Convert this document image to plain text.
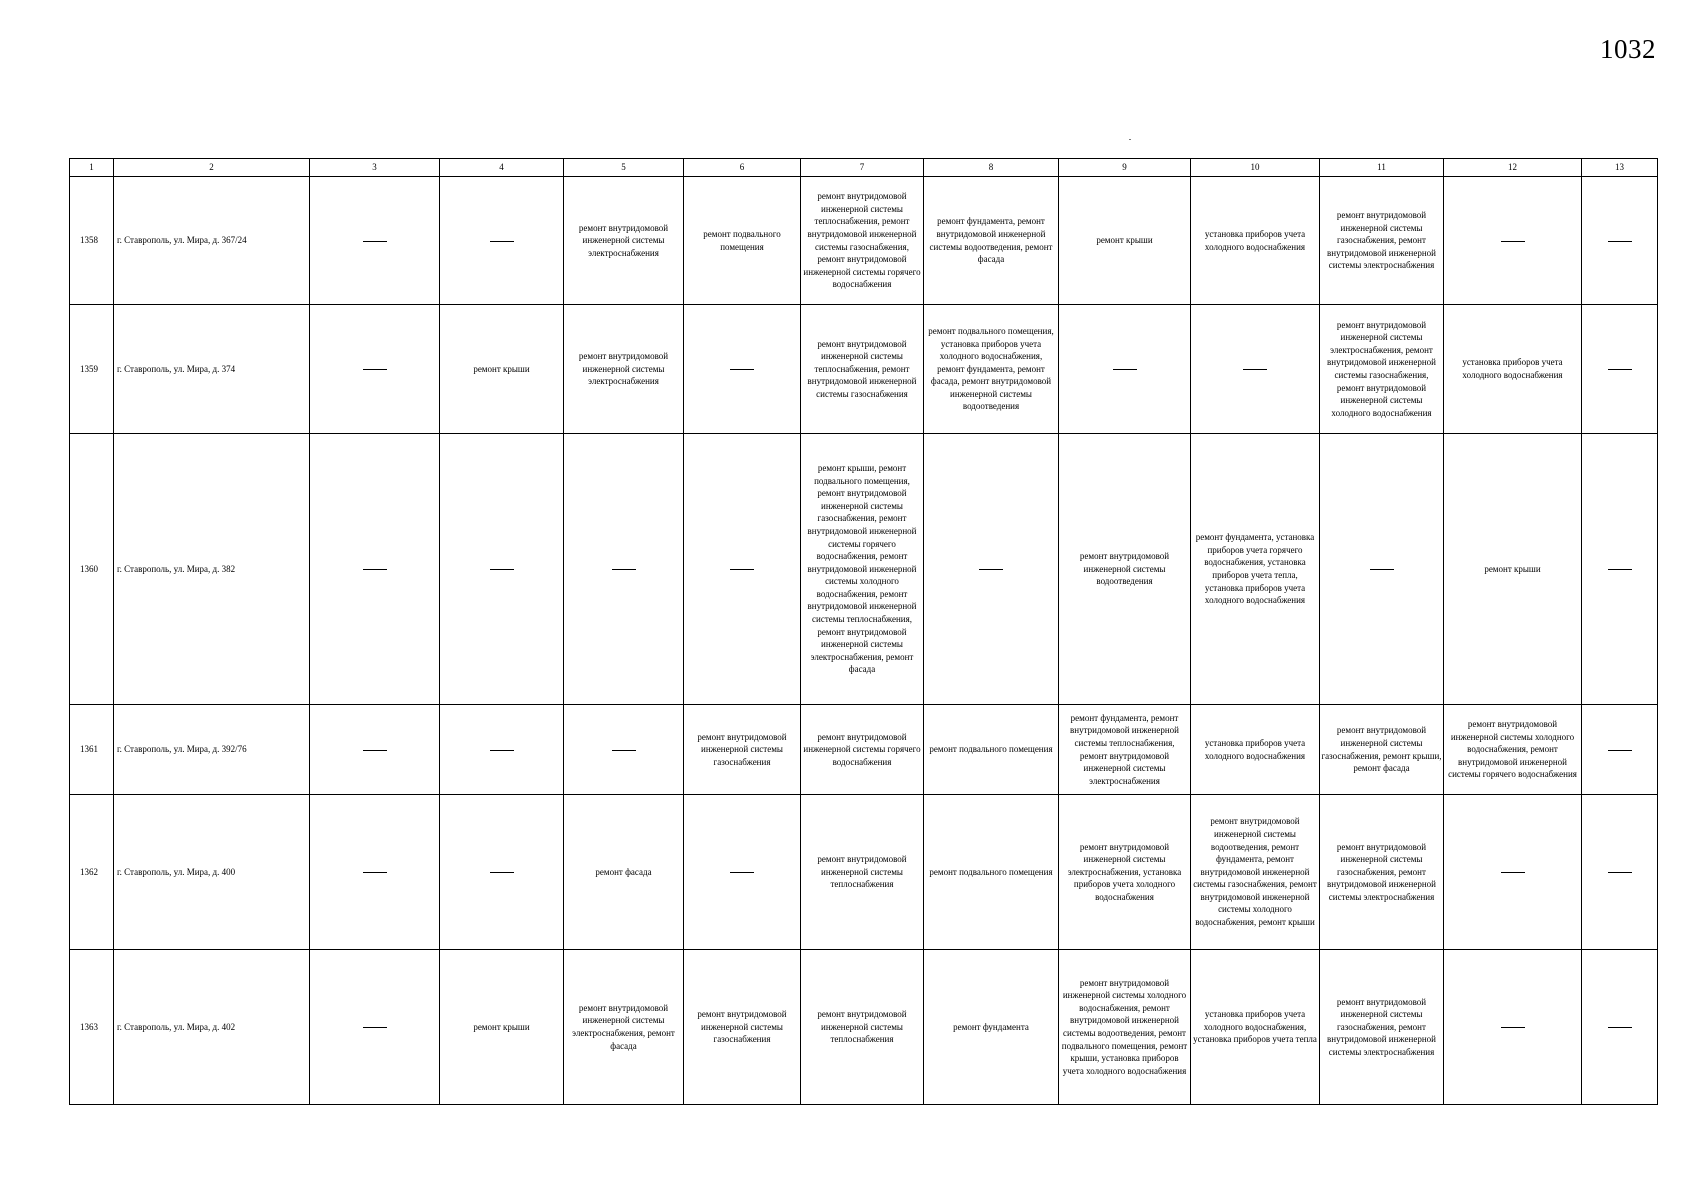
1032
1	2	3	4	5	6	7	8	9	10	11	12	13
1358	г. Ставрополь, ул. Мира, д. 367/24			ремонт внутридомовой инженерной системы электроснабжения	ремонт подвального помещения	ремонт внутридомовой инженерной системы теплоснабжения, ремонт внутридомовой инженерной системы газоснабжения, ремонт внутридомовой инженерной системы горячего водоснабжения	ремонт фундамента, ремонт внутридомовой инженерной системы водоотведения, ремонт фасада	ремонт крыши	установка приборов учета холодного водоснабжения	ремонт внутридомовой инженерной системы газоснабжения, ремонт внутридомовой инженерной системы электроснабжения		
1359	г. Ставрополь, ул. Мира, д. 374		ремонт крыши	ремонт внутридомовой инженерной системы электроснабжения		ремонт внутридомовой инженерной системы теплоснабжения, ремонт внутридомовой инженерной системы газоснабжения	ремонт подвального помещения, установка приборов учета холодного водоснабжения, ремонт фундамента, ремонт фасада, ремонт внутридомовой инженерной системы водоотведения			ремонт внутридомовой инженерной системы электроснабжения, ремонт внутридомовой инженерной системы газоснабжения, ремонт внутридомовой инженерной системы холодного водоснабжения	установка приборов учета холодного водоснабжения	
1360	г. Ставрополь, ул. Мира, д. 382					ремонт крыши, ремонт подвального помещения, ремонт внутридомовой инженерной системы газоснабжения, ремонт внутридомовой инженерной системы горячего водоснабжения, ремонт внутридомовой инженерной системы холодного водоснабжения, ремонт внутридомовой инженерной системы теплоснабжения, ремонт внутридомовой инженерной системы электроснабжения, ремонт фасада		ремонт внутридомовой инженерной системы водоотведения	ремонт фундамента, установка приборов учета горячего водоснабжения, установка приборов учета тепла, установка приборов учета холодного водоснабжения		ремонт крыши	
1361	г. Ставрополь, ул. Мира, д. 392/76				ремонт внутридомовой инженерной системы газоснабжения	ремонт внутридомовой инженерной системы горячего водоснабжения	ремонт подвального помещения	ремонт фундамента, ремонт внутридомовой инженерной системы теплоснабжения, ремонт внутридомовой инженерной системы электроснабжения	установка приборов учета холодного водоснабжения	ремонт внутридомовой инженерной системы газоснабжения, ремонт крыши, ремонт фасада	ремонт внутридомовой инженерной системы холодного водоснабжения, ремонт внутридомовой инженерной системы горячего водоснабжения	
1362	г. Ставрополь, ул. Мира, д. 400			ремонт фасада		ремонт внутридомовой инженерной системы теплоснабжения	ремонт подвального помещения	ремонт внутридомовой инженерной системы электроснабжения, установка приборов учета холодного водоснабжения	ремонт внутридомовой инженерной системы водоотведения, ремонт фундамента, ремонт внутридомовой инженерной системы газоснабжения, ремонт внутридомовой инженерной системы холодного водоснабжения, ремонт крыши	ремонт внутридомовой инженерной системы газоснабжения, ремонт внутридомовой инженерной системы электроснабжения		
1363	г. Ставрополь, ул. Мира, д. 402		ремонт крыши	ремонт внутридомовой инженерной системы электроснабжения, ремонт фасада	ремонт внутридомовой инженерной системы газоснабжения	ремонт внутридомовой инженерной системы теплоснабжения	ремонт фундамента	ремонт внутридомовой инженерной системы холодного водоснабжения, ремонт внутридомовой инженерной системы водоотведения, ремонт подвального помещения, ремонт крыши, установка приборов учета холодного водоснабжения	установка приборов учета холодного водоснабжения, установка приборов учета тепла	ремонт внутридомовой инженерной системы газоснабжения, ремонт внутридомовой инженерной системы электроснабжения		
